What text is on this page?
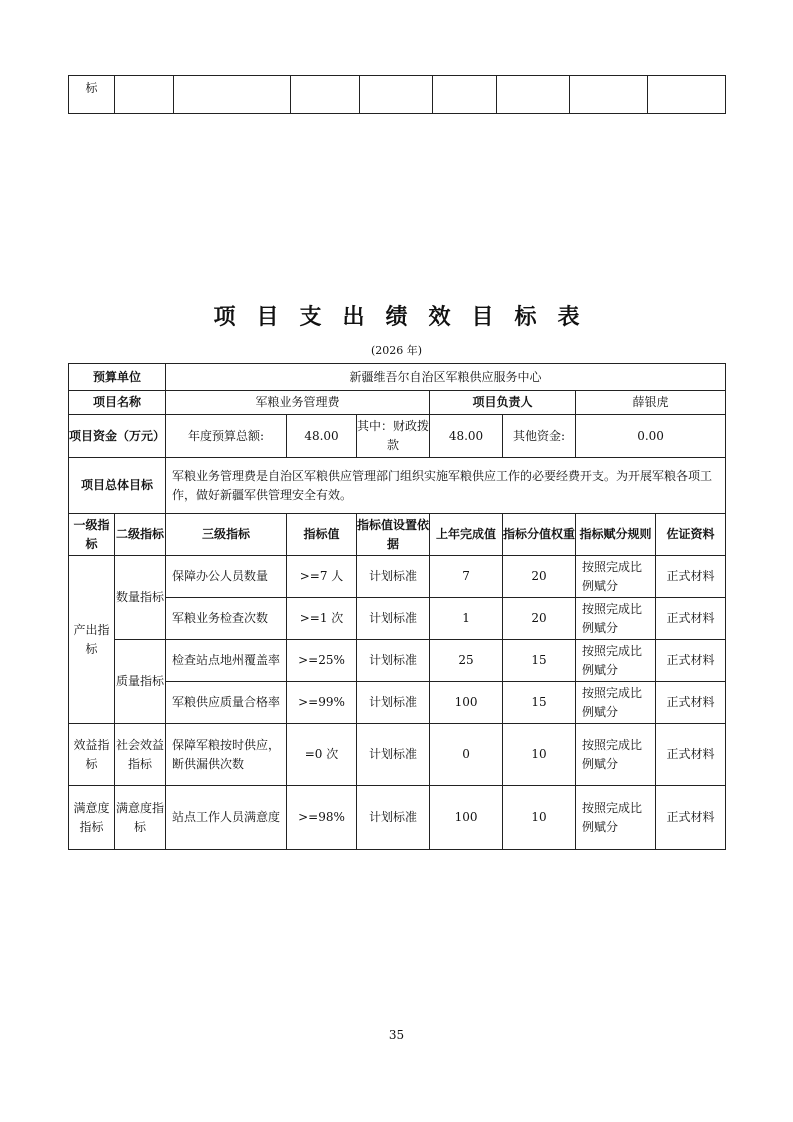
标								
项目支出绩效目标表
(2026 年)
预算单位		新疆维吾尔自治区军粮供应服务中心						
项目名称		军粮业务管理费			项目负责人		薛银虎	
项目资金（万元）		年度预算总额:	48.00	其中：财政拨款	48.00	其他资金:	0.00	
项目总体目标		军粮业务管理费是自治区军粮供应管理部门组织实施军粮供应工作的必要经费开支。为开展军粮各项工作，做好新疆军供管理安全有效。						
一级指标	二级指标	三级指标	指标值	指标值设置依据	上年完成值	指标分值权重	指标赋分规则	佐证资料
产出指标	数量指标	保障办公人员数量	>=7 人	计划标准	7	20	按照完成比例赋分	正式材料
		军粮业务检查次数	>=1 次	计划标准	1	20	按照完成比例赋分	正式材料
	质量指标	检查站点地州覆盖率	>=25%	计划标准	25	15	按照完成比例赋分	正式材料
		军粮供应质量合格率	>=99%	计划标准	100	15	按照完成比例赋分	正式材料
效益指标	社会效益指标	保障军粮按时供应，断供漏供次数	=0 次	计划标准	0	10	按照完成比例赋分	正式材料
满意度指标	满意度指标	站点工作人员满意度	>=98%	计划标准	100	10	按照完成比例赋分	正式材料
35
